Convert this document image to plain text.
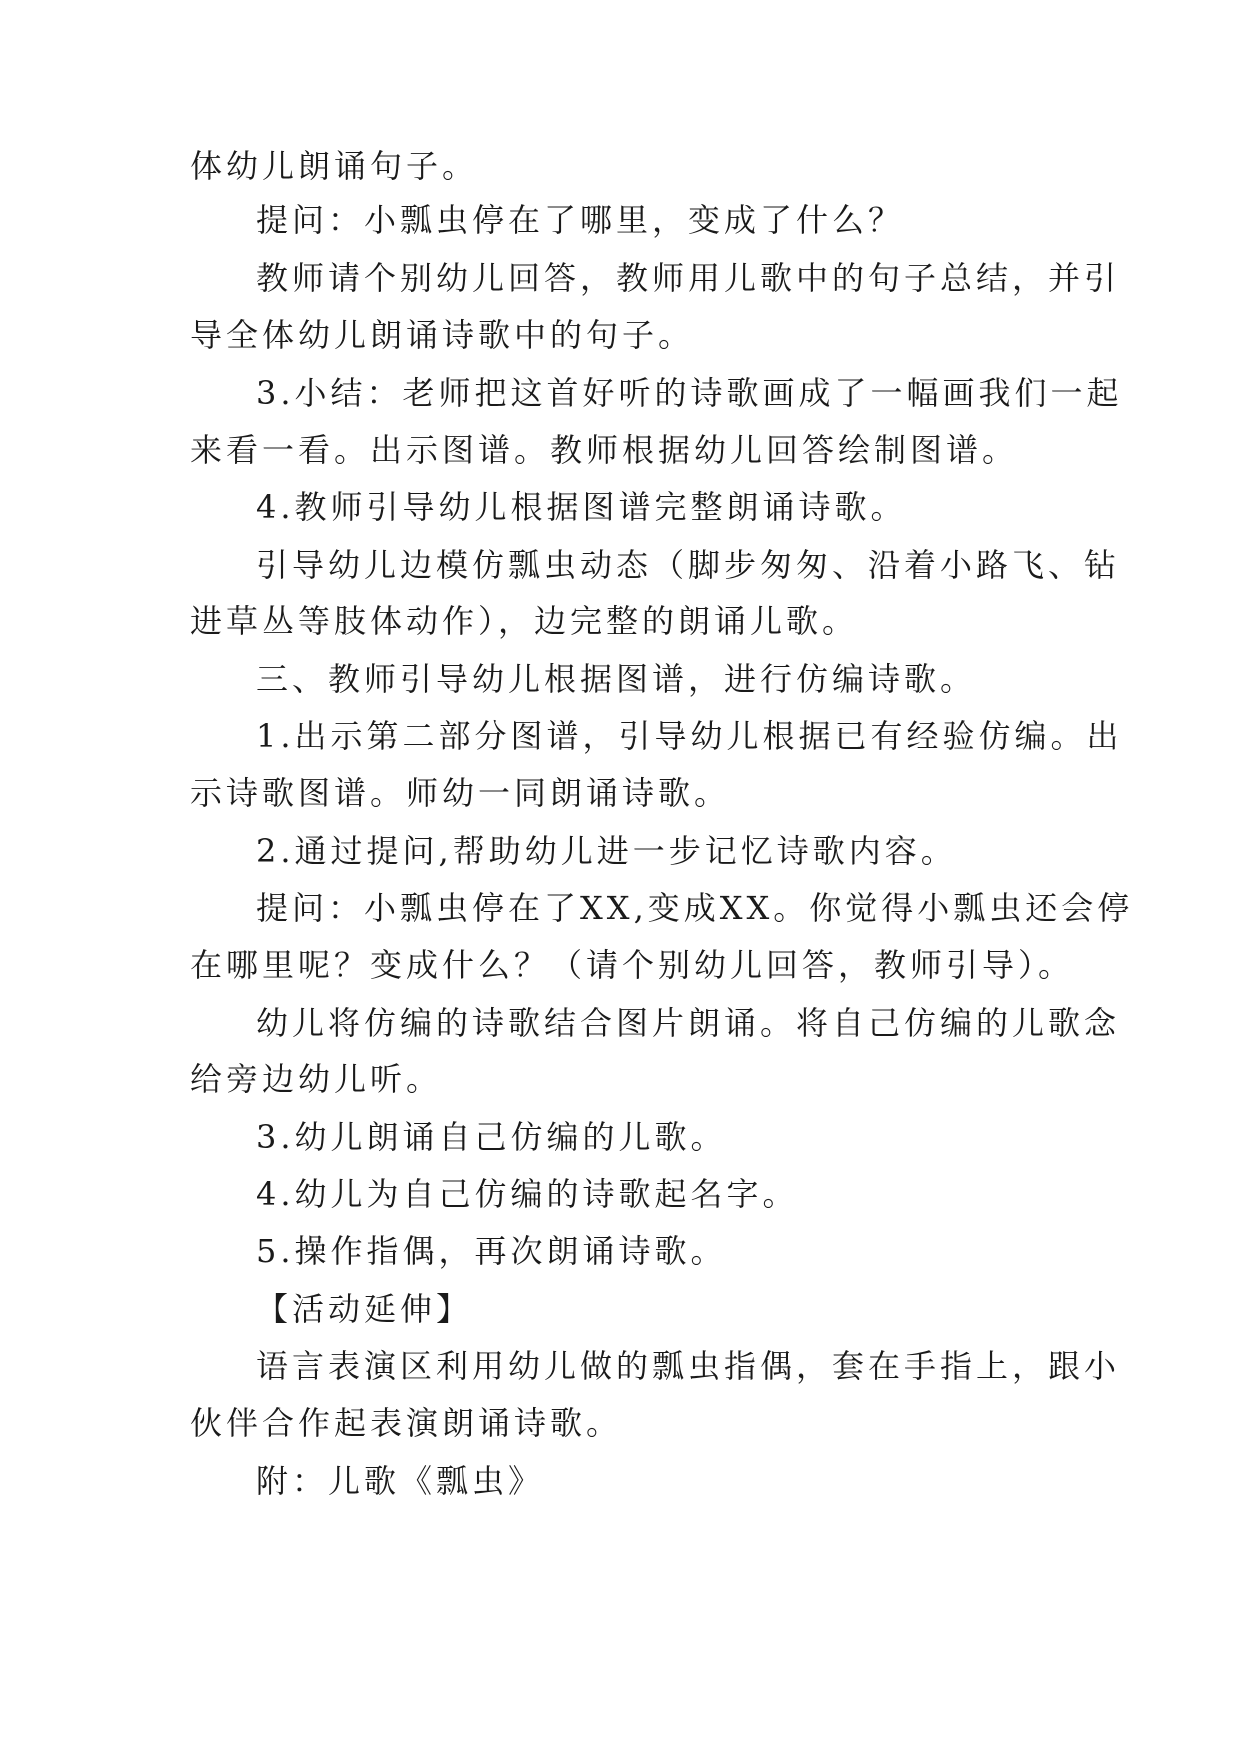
体幼儿朗诵句子。
提问：小瓢虫停在了哪里，变成了什么？
教师请个别幼儿回答，教师用儿歌中的句子总结，并引
导全体幼儿朗诵诗歌中的句子。
3.小结：老师把这首好听的诗歌画成了一幅画我们一起
来看一看。出示图谱。教师根据幼儿回答绘制图谱。
4.教师引导幼儿根据图谱完整朗诵诗歌。
引导幼儿边模仿瓢虫动态（脚步匆匆、沿着小路飞、钻
进草丛等肢体动作），边完整的朗诵儿歌。
三、教师引导幼儿根据图谱，进行仿编诗歌。
1.出示第二部分图谱，引导幼儿根据已有经验仿编。出
示诗歌图谱。师幼一同朗诵诗歌。
2.通过提问,帮助幼儿进一步记忆诗歌内容。
提问：小瓢虫停在了XX,变成XX。你觉得小瓢虫还会停
在哪里呢？变成什么？（请个别幼儿回答，教师引导）。
幼儿将仿编的诗歌结合图片朗诵。将自己仿编的儿歌念
给旁边幼儿听。
3.幼儿朗诵自己仿编的儿歌。
4.幼儿为自己仿编的诗歌起名字。
5.操作指偶，再次朗诵诗歌。
【活动延伸】
语言表演区利用幼儿做的瓢虫指偶，套在手指上，跟小
伙伴合作起表演朗诵诗歌。
附：儿歌《瓢虫》
